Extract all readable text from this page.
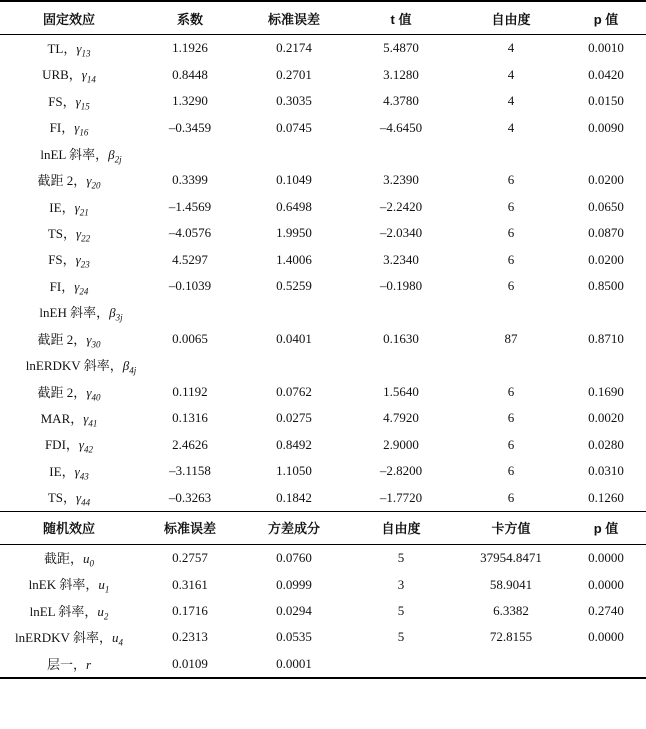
固定效应	系数	标准误差	t 值	自由度	p 值
TL，$\gamma_{13}$	1.1926	0.2174	5.4870	4	0.0010
URB，$\gamma_{14}$	0.8448	0.2701	3.1280	4	0.0420
FS，$\gamma_{15}$	1.3290	0.3035	4.3780	4	0.0150
FI，$\gamma_{16}$	–0.3459	0.0745	–4.6450	4	0.0090
lnEL 斜率，$\beta_{2j}$					
截距 2，$\gamma_{20}$	0.3399	0.1049	3.2390	6	0.0200
IE，$\gamma_{21}$	–1.4569	0.6498	–2.2420	6	0.0650
TS，$\gamma_{22}$	–4.0576	1.9950	–2.0340	6	0.0870
FS，$\gamma_{23}$	4.5297	1.4006	3.2340	6	0.0200
FI，$\gamma_{24}$	–0.1039	0.5259	–0.1980	6	0.8500
lnEH 斜率，$\beta_{3j}$					
截距 2，$\gamma_{30}$	0.0065	0.0401	0.1630	87	0.8710
lnERDKV 斜率，$\beta_{4j}$					
截距 2，$\gamma_{40}$	0.1192	0.0762	1.5640	6	0.1690
MAR，$\gamma_{41}$	0.1316	0.0275	4.7920	6	0.0020
FDI，$\gamma_{42}$	2.4626	0.8492	2.9000	6	0.0280
IE，$\gamma_{43}$	–3.1158	1.1050	–2.8200	6	0.0310
TS，$\gamma_{44}$	–0.3263	0.1842	–1.7720	6	0.1260
随机效应	标准误差	方差成分	自由度	卡方值	p 值
截距，$u_0$	0.2757	0.0760	5	37954.8471	0.0000
lnEK 斜率，$u_1$	0.3161	0.0999	3	58.9041	0.0000
lnEL 斜率，$u_2$	0.1716	0.0294	5	6.3382	0.2740
lnERDKV 斜率，$u_4$	0.2313	0.0535	5	72.8155	0.0000
层一，r	0.0109	0.0001			
